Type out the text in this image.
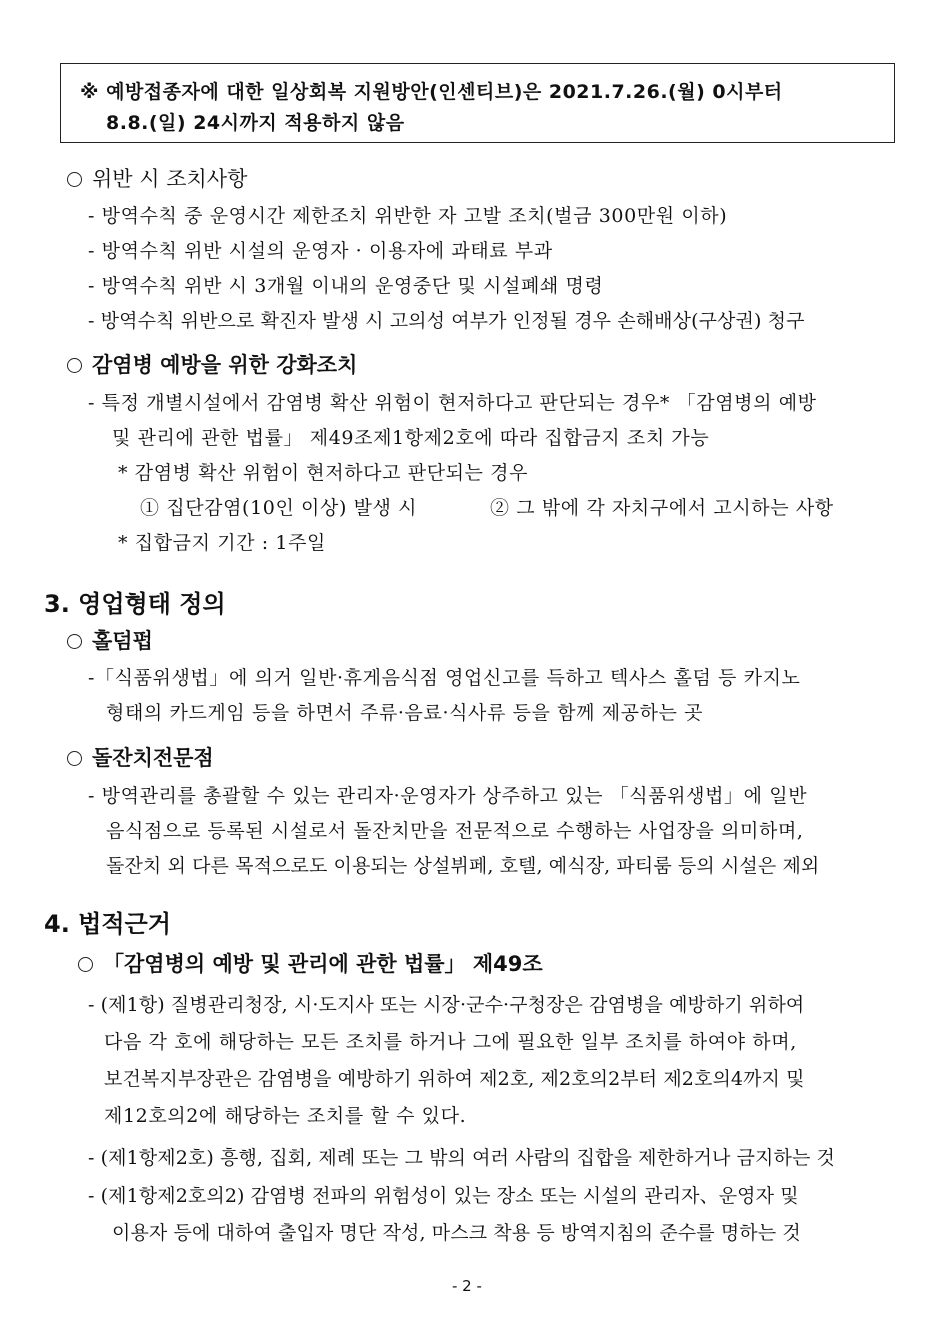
※ 예방접종자에 대한 일상회복 지원방안(인센티브)은 2021.7.26.(월) 0시부터
8.8.(일) 24시까지 적용하지 않음
위반 시 조치사항
- 방역수칙 중 운영시간 제한조치 위반한 자 고발 조치(벌금 300만원 이하)
- 방역수칙 위반 시설의 운영자 · 이용자에 과태료 부과
- 방역수칙 위반 시 3개월 이내의 운영중단 및 시설폐쇄 명령
- 방역수칙 위반으로 확진자 발생 시 고의성 여부가 인정될 경우 손해배상(구상권) 청구
감염병 예방을 위한 강화조치
- 특정 개별시설에서 감염병 확산 위험이 현저하다고 판단되는 경우* 「감염병의 예방
및 관리에 관한 법률」 제49조제1항제2호에 따라 집합금지 조치 가능
* 감염병 확산 위험이 현저하다고 판단되는 경우
① 집단감염(10인 이상) 발생 시	② 그 밖에 각 자치구에서 고시하는 사항
* 집합금지 기간 : 1주일
3. 영업형태 정의
홀덤펍
-「식품위생법」에 의거 일반·휴게음식점 영업신고를 득하고 텍사스 홀덤 등 카지노
형태의 카드게임 등을 하면서 주류·음료·식사류 등을 함께 제공하는 곳
돌잔치전문점
- 방역관리를 총괄할 수 있는 관리자·운영자가 상주하고 있는 「식품위생법」에 일반
음식점으로 등록된 시설로서 돌잔치만을 전문적으로 수행하는 사업장을 의미하며,
돌잔치 외 다른 목적으로도 이용되는 상설뷔페, 호텔, 예식장, 파티룸 등의 시설은 제외
4. 법적근거
「감염병의 예방 및 관리에 관한 법률」 제49조
- (제1항) 질병관리청장, 시·도지사 또는 시장·군수·구청장은 감염병을 예방하기 위하여
다음 각 호에 해당하는 모든 조치를 하거나 그에 필요한 일부 조치를 하여야 하며,
보건복지부장관은 감염병을 예방하기 위하여 제2호, 제2호의2부터 제2호의4까지 및
제12호의2에 해당하는 조치를 할 수 있다.
- (제1항제2호) 흥행, 집회, 제례 또는 그 밖의 여러 사람의 집합을 제한하거나 금지하는 것
- (제1항제2호의2) 감염병 전파의 위험성이 있는 장소 또는 시설의 관리자、운영자 및
이용자 등에 대하여 출입자 명단 작성, 마스크 착용 등 방역지침의 준수를 명하는 것
- 2 -
